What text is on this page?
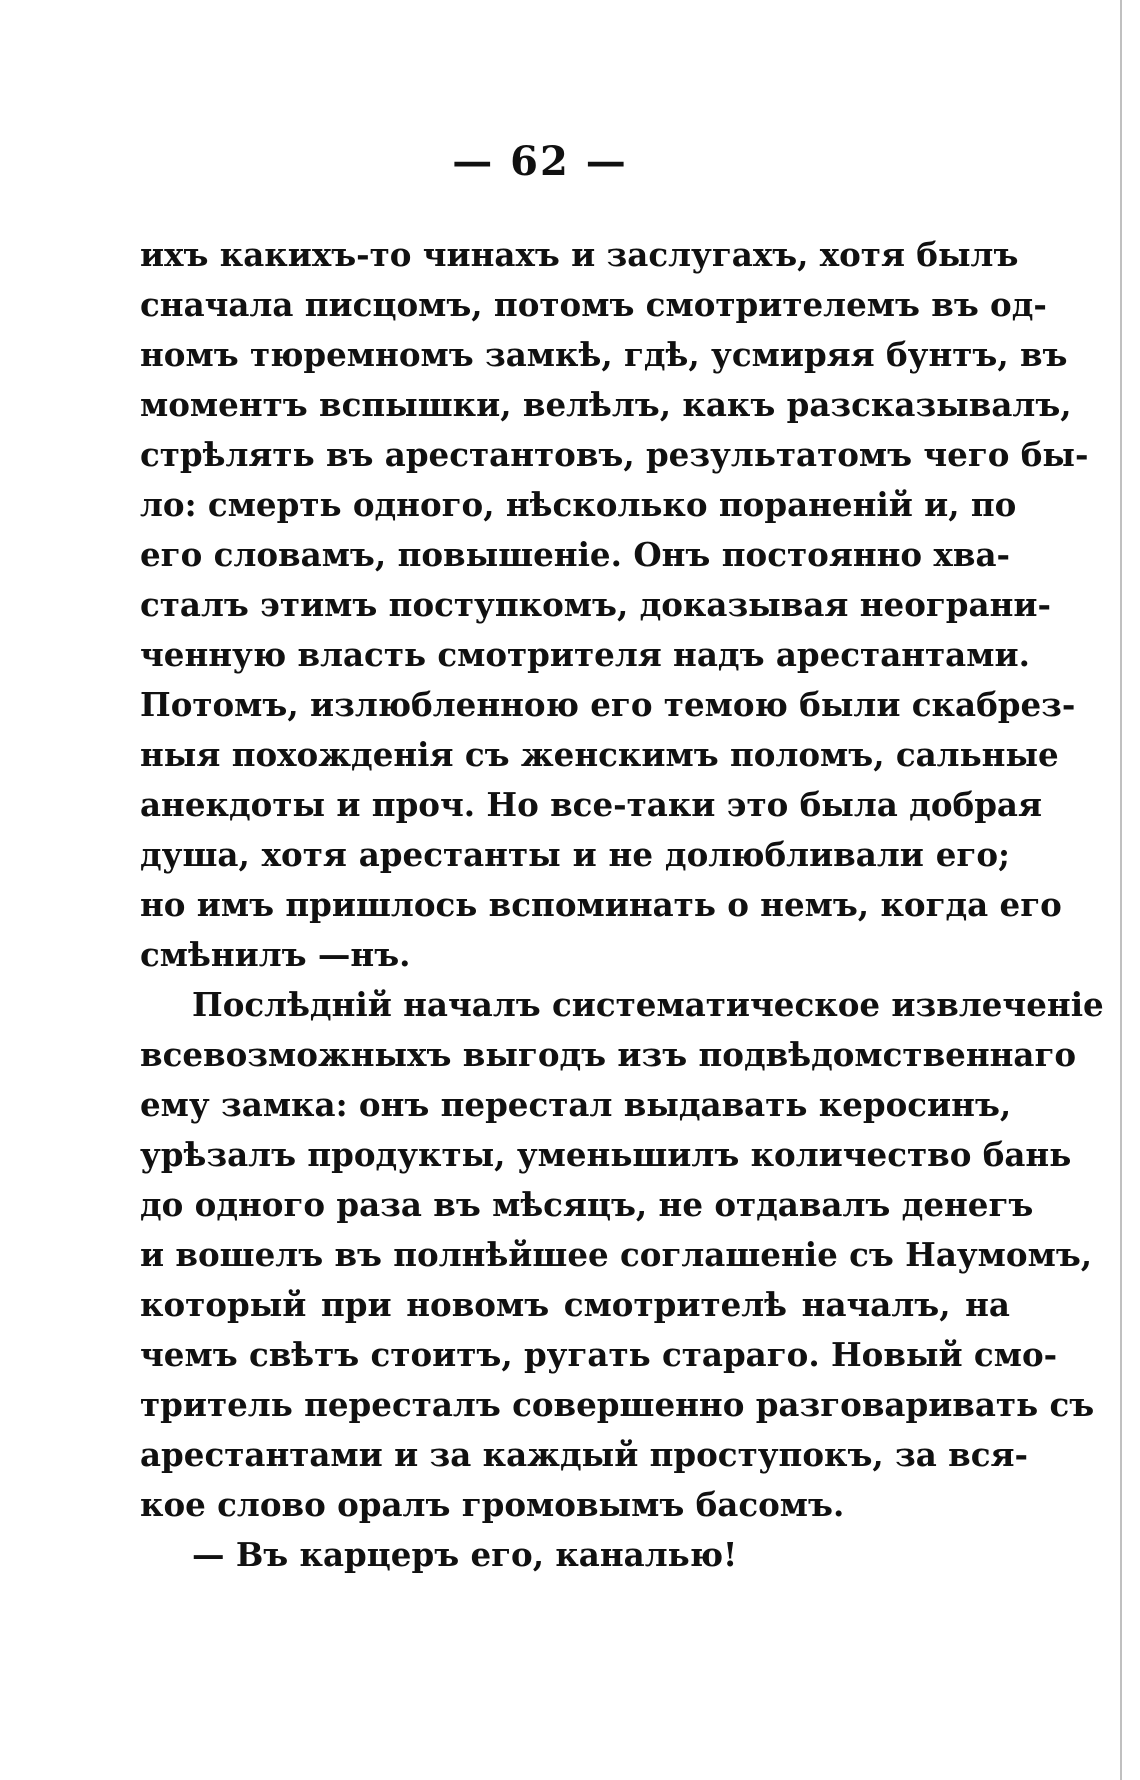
— 62 —
ихъ какихъ-то чинахъ и заслугахъ, хотя былъ
сначала писцомъ, потомъ смотрителемъ въ од-
номъ тюремномъ замкѣ, гдѣ, усмиряя бунтъ, въ
моментъ вспышки, велѣлъ, какъ разсказывалъ,
стрѣлять въ арестантовъ, результатомъ чего бы-
ло: смерть одного, нѣсколько пораненій и, по
его словамъ, повышеніе. Онъ постоянно хва-
сталъ этимъ поступкомъ, доказывая неограни-
ченную власть смотрителя надъ арестантами.
Потомъ, излюбленною его темою были скабрез-
ныя похожденія съ женскимъ поломъ, сальные
анекдоты и проч. Но все-таки это была добрая
душа, хотя арестанты и не долюбливали его;
но имъ пришлось вспоминать о немъ, когда его
смѣнилъ —нъ.
Послѣдній началъ систематическое извлеченіе
всевозможныхъ выгодъ изъ подвѣдомственнаго
ему замка: онъ перестал выдавать керосинъ,
урѣзалъ продукты, уменьшилъ количество бань
до одного раза въ мѣсяцъ, не отдавалъ денегъ
и вошелъ въ полнѣйшее соглашеніе съ Наумомъ,
который при новомъ смотрителѣ началъ, на
чемъ свѣтъ стоитъ, ругать стараго. Новый смо-
тритель пересталъ совершенно разговаривать съ
арестантами и за каждый проступокъ, за вся-
кое слово оралъ громовымъ басомъ.
— Въ карцеръ его, каналью!
